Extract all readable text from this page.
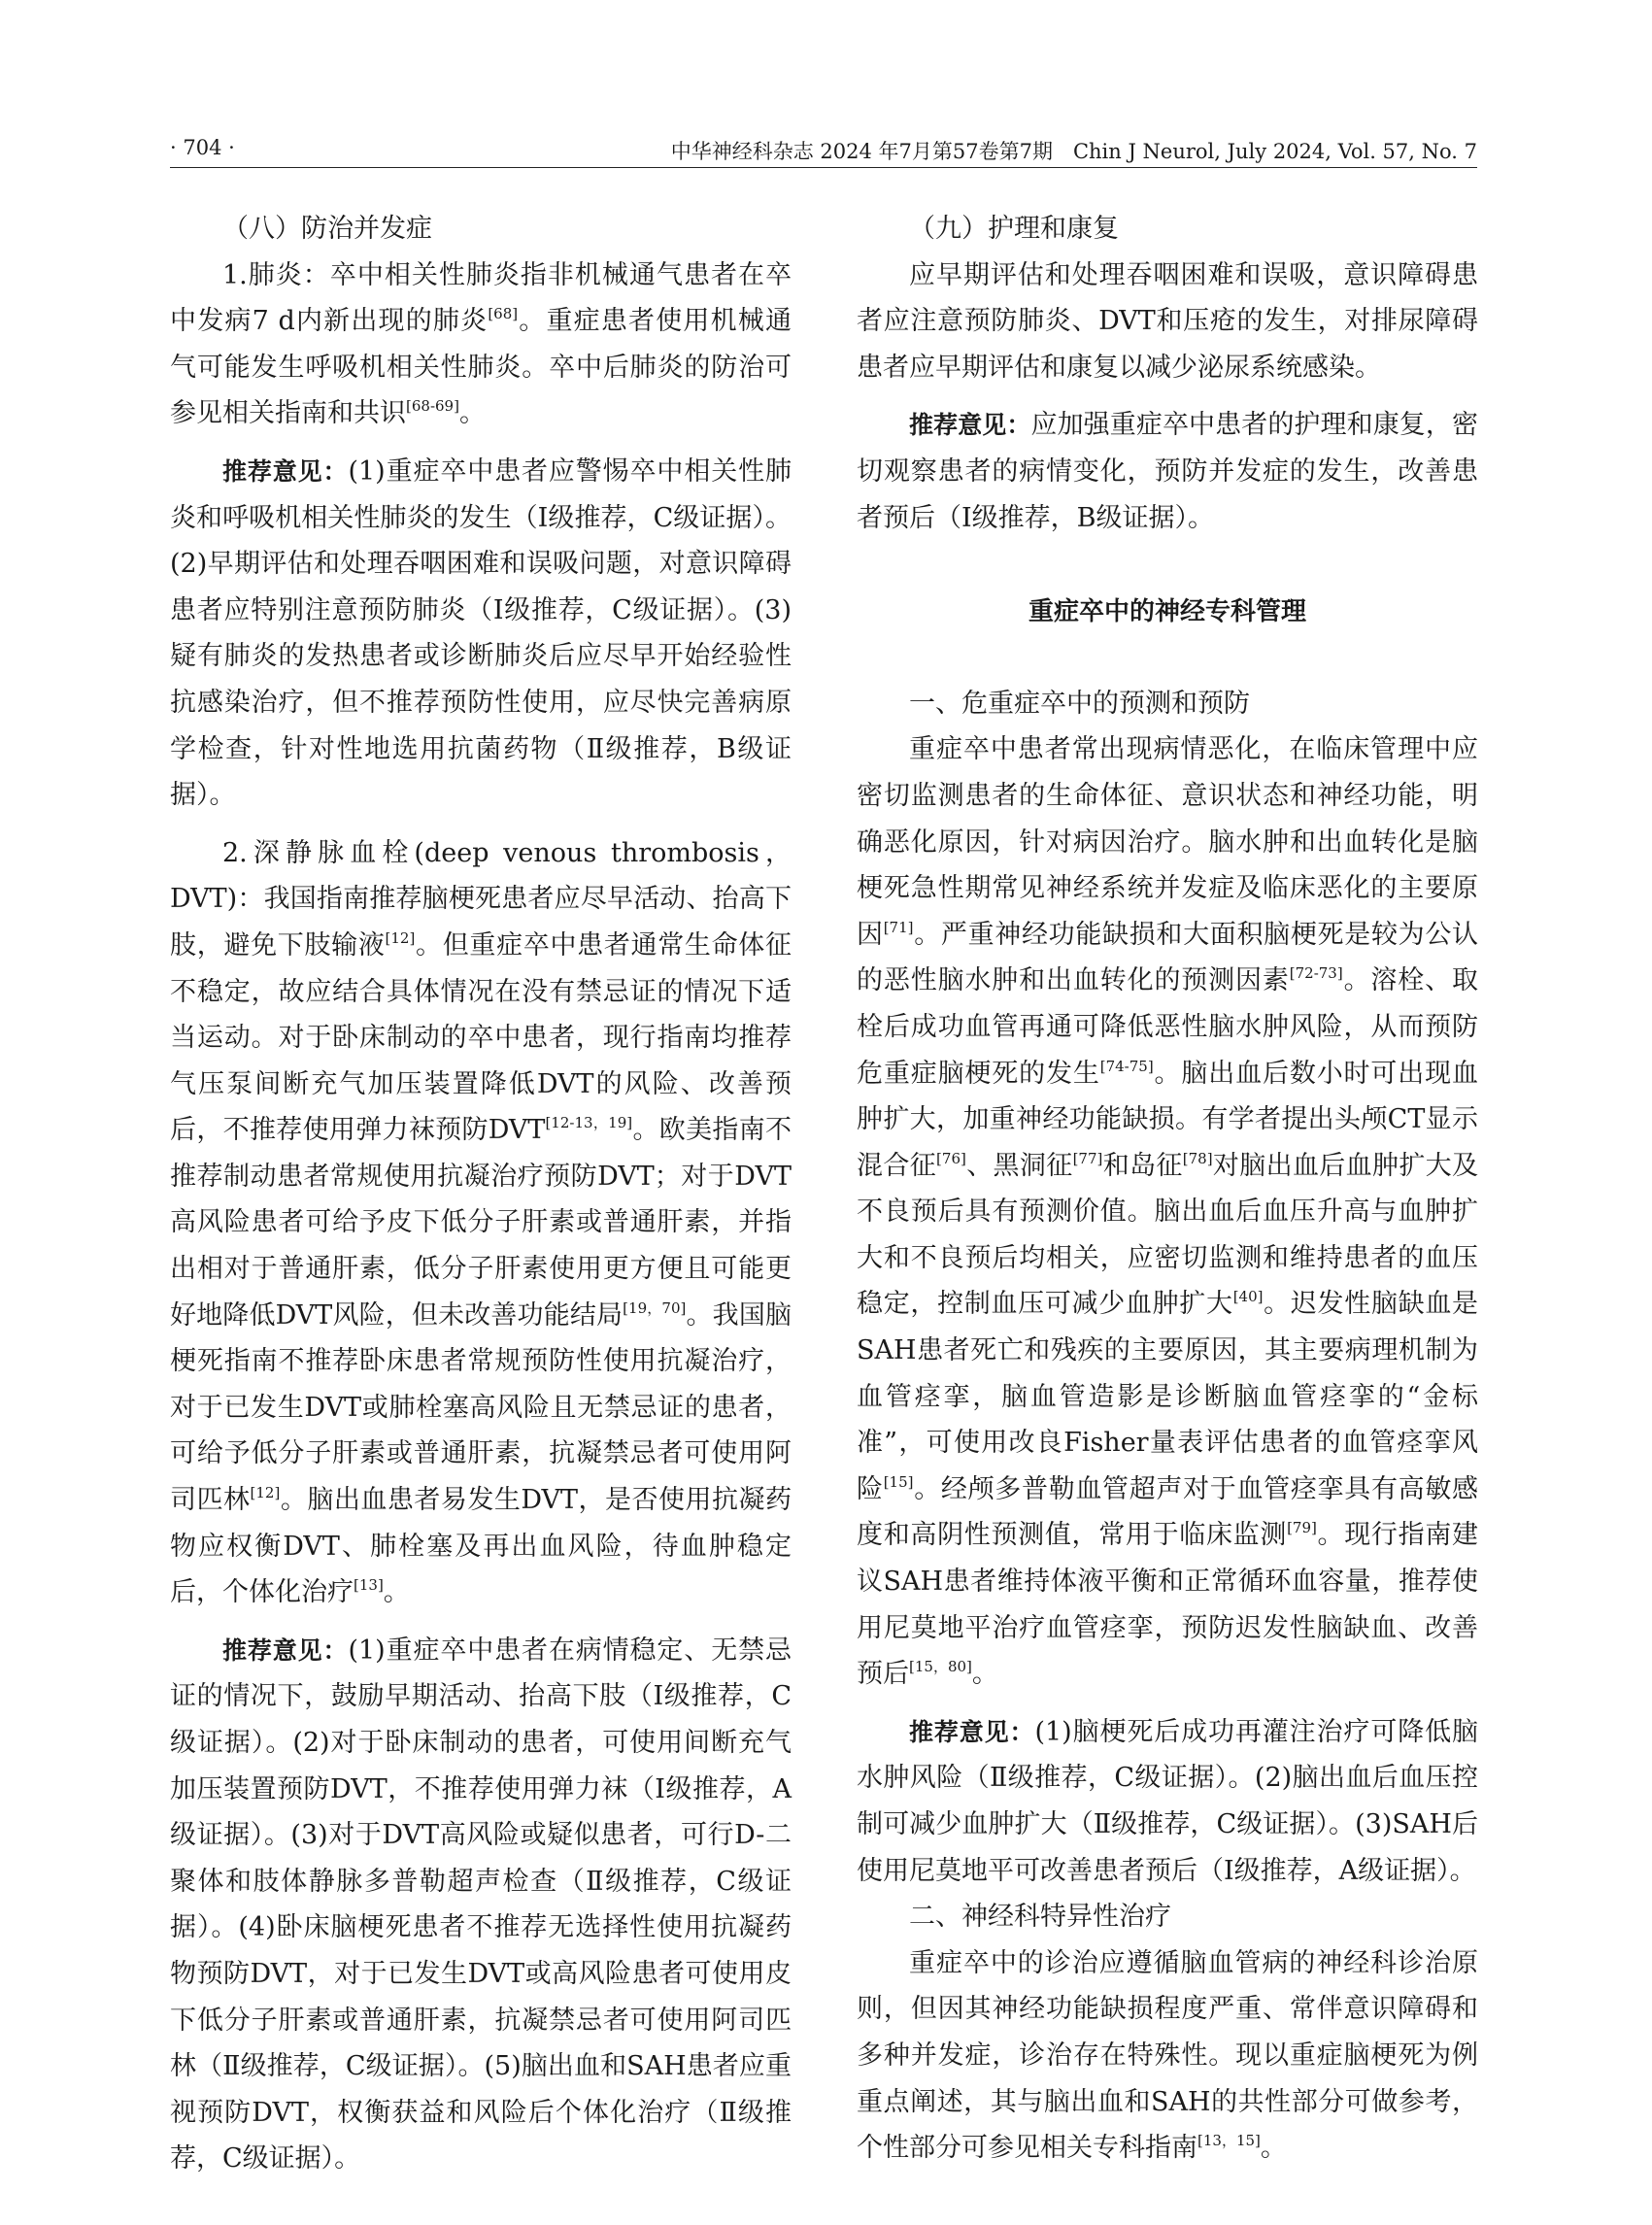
· 704 ·	中华神经科杂志 2024 年7月第57卷第7期　Chin J Neurol, July 2024, Vol. 57, No. 7

（八）防治并发症

1.肺炎：卒中相关性肺炎指非机械通气患者在卒中发病7 d内新出现的肺炎[68]。重症患者使用机械通气可能发生呼吸机相关性肺炎。卒中后肺炎的防治可参见相关指南和共识[68-69]。

推荐意见：(1)重症卒中患者应警惕卒中相关性肺炎和呼吸机相关性肺炎的发生（Ⅰ级推荐，C级证据）。(2)早期评估和处理吞咽困难和误吸问题，对意识障碍患者应特别注意预防肺炎（Ⅰ级推荐，C级证据）。(3)疑有肺炎的发热患者或诊断肺炎后应尽早开始经验性抗感染治疗，但不推荐预防性使用，应尽快完善病原学检查，针对性地选用抗菌药物（Ⅱ级推荐，B级证据）。

2.深静脉血栓(deep venous thrombosis，DVT)：我国指南推荐脑梗死患者应尽早活动、抬高下肢，避免下肢输液[12]。但重症卒中患者通常生命体征不稳定，故应结合具体情况在没有禁忌证的情况下适当运动。对于卧床制动的卒中患者，现行指南均推荐气压泵间断充气加压装置降低DVT的风险、改善预后，不推荐使用弹力袜预防DVT[12-13，19]。欧美指南不推荐制动患者常规使用抗凝治疗预防DVT；对于DVT高风险患者可给予皮下低分子肝素或普通肝素，并指出相对于普通肝素，低分子肝素使用更方便且可能更好地降低DVT风险，但未改善功能结局[19，70]。我国脑梗死指南不推荐卧床患者常规预防性使用抗凝治疗，对于已发生DVT或肺栓塞高风险且无禁忌证的患者，可给予低分子肝素或普通肝素，抗凝禁忌者可使用阿司匹林[12]。脑出血患者易发生DVT，是否使用抗凝药物应权衡DVT、肺栓塞及再出血风险，待血肿稳定后，个体化治疗[13]。

推荐意见：(1)重症卒中患者在病情稳定、无禁忌证的情况下，鼓励早期活动、抬高下肢（Ⅰ级推荐，C级证据）。(2)对于卧床制动的患者，可使用间断充气加压装置预防DVT，不推荐使用弹力袜（Ⅰ级推荐，A级证据）。(3)对于DVT高风险或疑似患者，可行D-二聚体和肢体静脉多普勒超声检查（Ⅱ级推荐，C级证据）。(4)卧床脑梗死患者不推荐无选择性使用抗凝药物预防DVT，对于已发生DVT或高风险患者可使用皮下低分子肝素或普通肝素，抗凝禁忌者可使用阿司匹林（Ⅱ级推荐，C级证据）。(5)脑出血和SAH患者应重视预防DVT，权衡获益和风险后个体化治疗（Ⅱ级推荐，C级证据）。

（九）护理和康复

应早期评估和处理吞咽困难和误吸，意识障碍患者应注意预防肺炎、DVT和压疮的发生，对排尿障碍患者应早期评估和康复以减少泌尿系统感染。

推荐意见：应加强重症卒中患者的护理和康复，密切观察患者的病情变化，预防并发症的发生，改善患者预后（Ⅰ级推荐，B级证据）。

重症卒中的神经专科管理

一、危重症卒中的预测和预防

重症卒中患者常出现病情恶化，在临床管理中应密切监测患者的生命体征、意识状态和神经功能，明确恶化原因，针对病因治疗。脑水肿和出血转化是脑梗死急性期常见神经系统并发症及临床恶化的主要原因[71]。严重神经功能缺损和大面积脑梗死是较为公认的恶性脑水肿和出血转化的预测因素[72-73]。溶栓、取栓后成功血管再通可降低恶性脑水肿风险，从而预防危重症脑梗死的发生[74-75]。脑出血后数小时可出现血肿扩大，加重神经功能缺损。有学者提出头颅CT显示混合征[76]、黑洞征[77]和岛征[78]对脑出血后血肿扩大及不良预后具有预测价值。脑出血后血压升高与血肿扩大和不良预后均相关，应密切监测和维持患者的血压稳定，控制血压可减少血肿扩大[40]。迟发性脑缺血是SAH患者死亡和残疾的主要原因，其主要病理机制为血管痉挛，脑血管造影是诊断脑血管痉挛的“金标准”，可使用改良Fisher量表评估患者的血管痉挛风险[15]。经颅多普勒血管超声对于血管痉挛具有高敏感度和高阴性预测值，常用于临床监测[79]。现行指南建议SAH患者维持体液平衡和正常循环血容量，推荐使用尼莫地平治疗血管痉挛，预防迟发性脑缺血、改善预后[15，80]。

推荐意见：(1)脑梗死后成功再灌注治疗可降低脑水肿风险（Ⅱ级推荐，C级证据）。(2)脑出血后血压控制可减少血肿扩大（Ⅱ级推荐，C级证据）。(3)SAH后使用尼莫地平可改善患者预后（Ⅰ级推荐，A级证据）。

二、神经科特异性治疗

重症卒中的诊治应遵循脑血管病的神经科诊治原则，但因其神经功能缺损程度严重、常伴意识障碍和多种并发症，诊治存在特殊性。现以重症脑梗死为例重点阐述，其与脑出血和SAH的共性部分可做参考，个性部分可参见相关专科指南[13，15]。
